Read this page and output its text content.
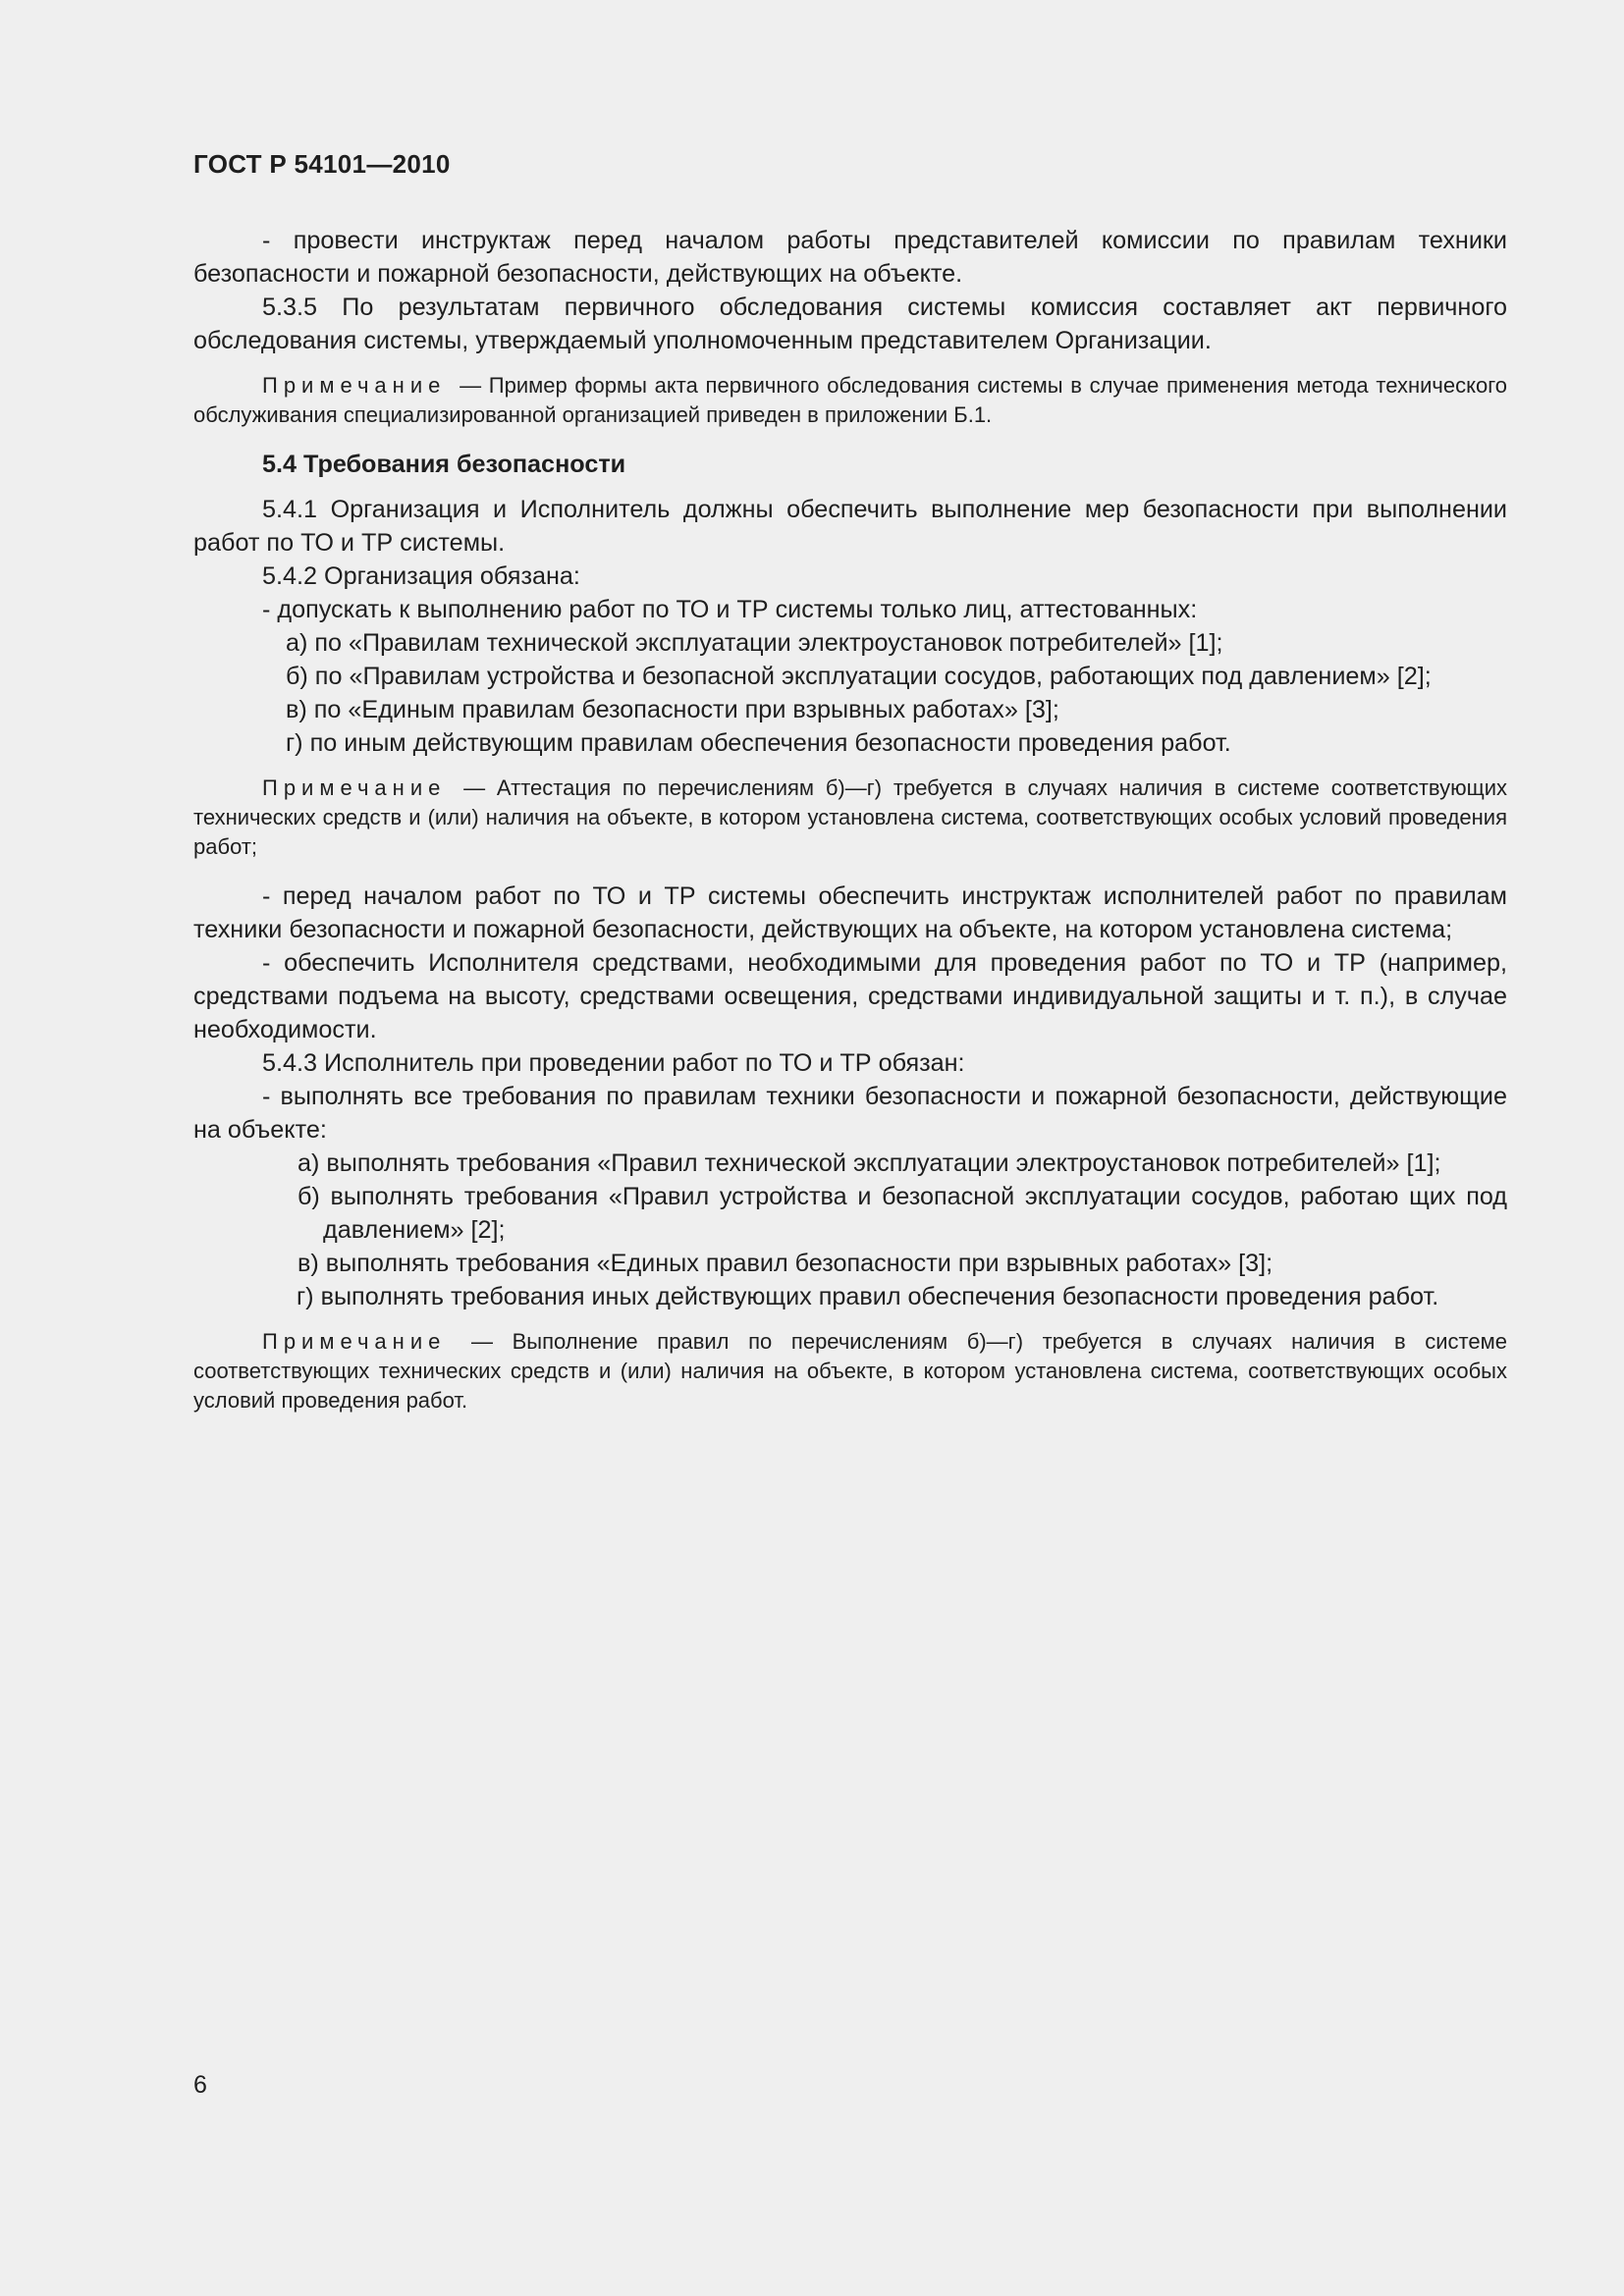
ГОСТ Р 54101—2010

- провести инструктаж перед началом работы представителей комиссии по правилам техники безопасности и пожарной безопасности, действующих на объекте.

5.3.5 По результатам первичного обследования системы комиссия составляет акт первичного обследования системы, утверждаемый уполномоченным представителем Организации.

Примечание — Пример формы акта первичного обследования системы в случае применения метода технического обслуживания специализированной организацией приведен в приложении Б.1.

5.4 Требования безопасности

5.4.1 Организация и Исполнитель должны обеспечить выполнение мер безопасности при выполнении работ по ТО и ТР системы.

5.4.2 Организация обязана:

- допускать к выполнению работ по ТО и ТР системы только лиц, аттестованных:

а) по «Правилам технической эксплуатации электроустановок потребителей» [1];

б) по «Правилам устройства и безопасной эксплуатации сосудов, работающих под давлением» [2];

в) по «Единым правилам безопасности при взрывных работах» [3];

г) по иным действующим правилам обеспечения безопасности проведения работ.

Примечание — Аттестация по перечислениям б)—г) требуется в случаях наличия в системе соответствующих технических средств и (или) наличия на объекте, в котором установлена система, соответствующих особых условий проведения работ;

- перед началом работ по ТО и ТР системы обеспечить инструктаж исполнителей работ по правилам техники безопасности и пожарной безопасности, действующих на объекте, на котором установлена система;

- обеспечить Исполнителя средствами, необходимыми для проведения работ по ТО и ТР (например, средствами подъема на высоту, средствами освещения, средствами индивидуальной защиты и т. п.), в случае необходимости.

5.4.3 Исполнитель при проведении работ по ТО и ТР обязан:

- выполнять все требования по правилам техники безопасности и пожарной безопасности, действующие на объекте:

а) выполнять требования «Правил технической эксплуатации электроустановок потребителей» [1];

б) выполнять требования «Правил устройства и безопасной эксплуатации сосудов, работаю щих под давлением» [2];

в) выполнять требования «Единых правил безопасности при взрывных работах» [3];

г) выполнять требования иных действующих правил обеспечения безопасности проведения работ.

Примечание — Выполнение правил по перечислениям б)—г) требуется в случаях наличия в системе соответствующих технических средств и (или) наличия на объекте, в котором установлена система, соответствующих особых условий проведения работ.
6
